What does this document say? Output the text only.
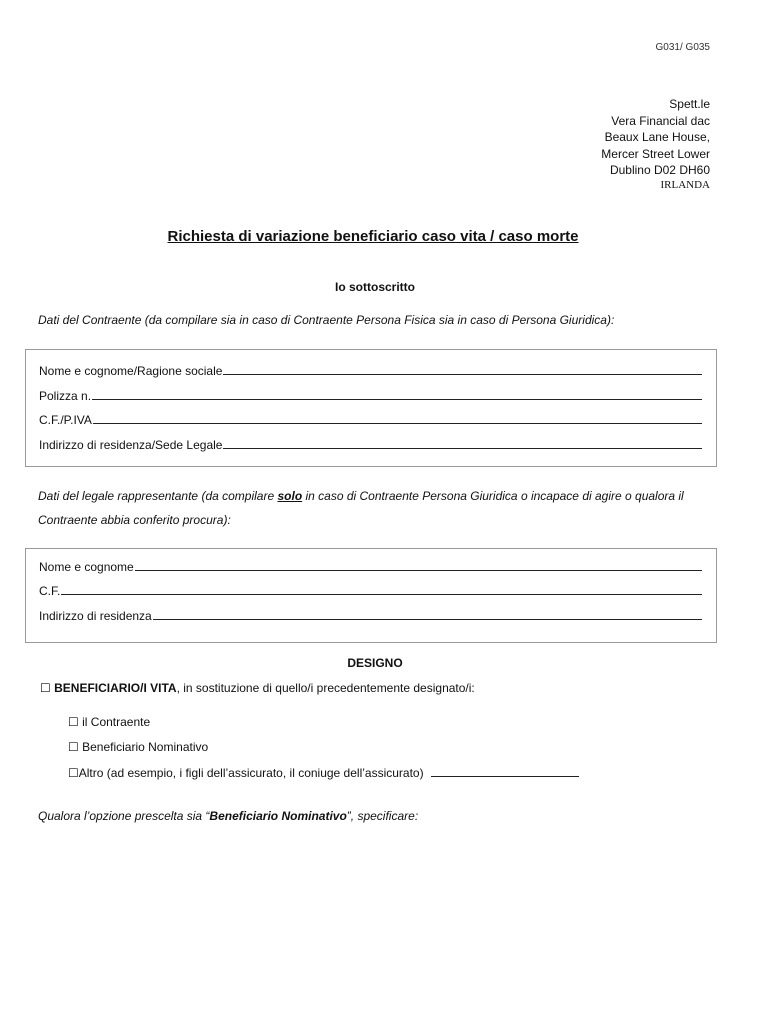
G031/ G035
Spett.le
Vera Financial dac
Beaux Lane House,
Mercer Street Lower
Dublino D02 DH60
IRLANDA
Richiesta di variazione beneficiario caso vita / caso morte
Io sottoscritto
Dati del Contraente (da compilare sia in caso di Contraente Persona Fisica sia in caso di Persona Giuridica):
Nome e cognome/Ragione sociale
Polizza n.
C.F./P.IVA
Indirizzo di residenza/Sede Legale
Dati del legale rappresentante (da compilare solo in caso di Contraente Persona Giuridica o incapace di agire o qualora il Contraente abbia conferito procura):
Nome e cognome
C.F.
Indirizzo di residenza
DESIGNO
☐ BENEFICIARIO/I VITA, in sostituzione di quello/i precedentemente designato/i:
☐ il Contraente
☐ Beneficiario Nominativo
☐Altro (ad esempio, i figli dell’assicurato, il coniuge dell’assicurato)
Qualora l’opzione prescelta sia “Beneficiario Nominativo”, specificare:
